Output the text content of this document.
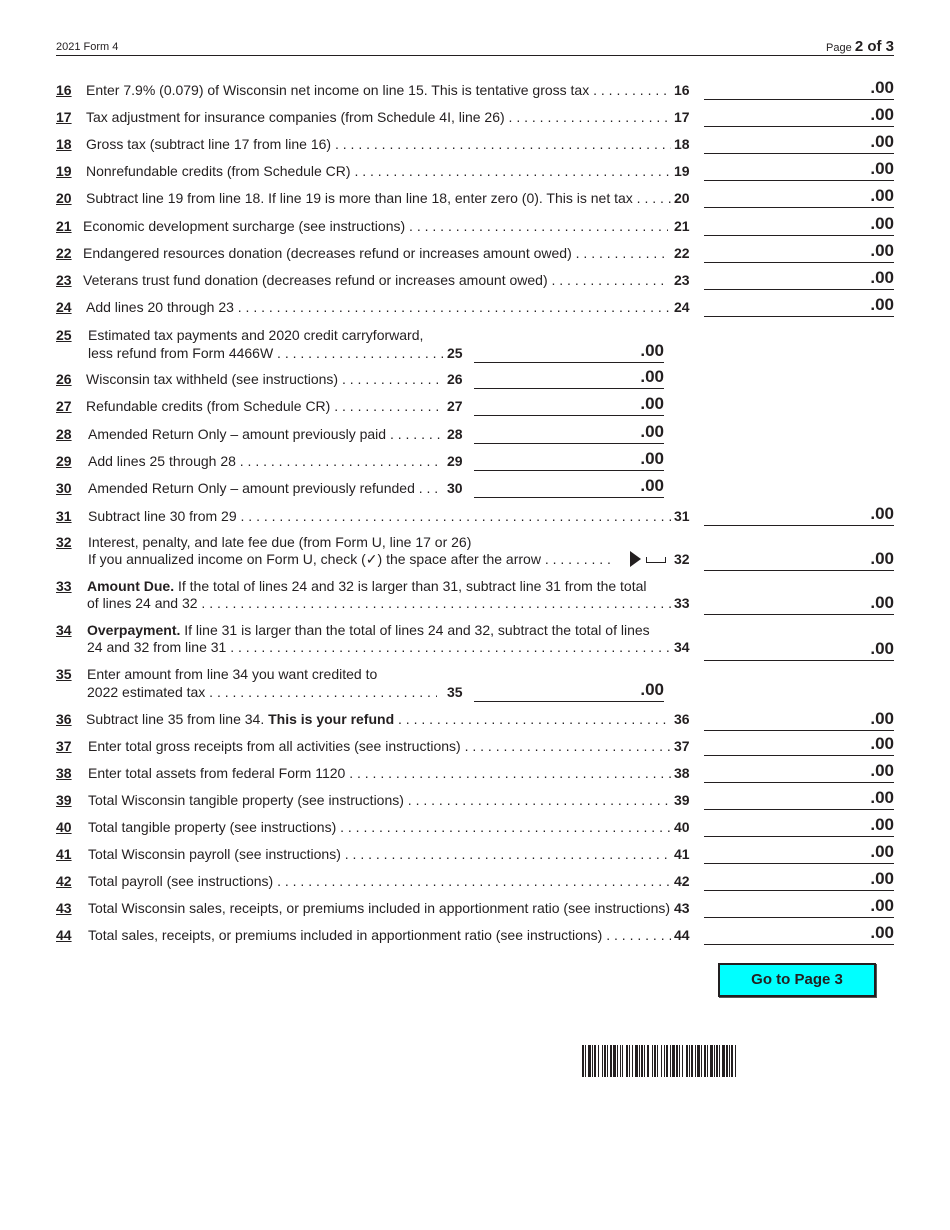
2021 Form 4	Page 2 of 3
16	Enter 7.9% (0.079) of Wisconsin net income on line 15. This is tentative gross tax . . .	16	.00
17	Tax adjustment for insurance companies (from Schedule 4I, line 26) . . .	17	.00
18	Gross tax (subtract line 17 from line 16) . . .	18	.00
19	Nonrefundable credits (from Schedule CR) . . .	19	.00
20	Subtract line 19 from line 18. If line 19 is more than line 18, enter zero (0). This is net tax . . .	20	.00
21 Economic development surcharge (see instructions) . . .	21	.00
22 Endangered resources donation (decreases refund or increases amount owed) . . .	22	.00
23 Veterans trust fund donation (decreases refund or increases amount owed) . . .	23	.00
24	Add lines 20 through 23 . . .	24	.00
25	Estimated tax payments and 2020 credit carryforward,
less refund from Form 4466W . . .	25	.00
26	Wisconsin tax withheld (see instructions) . . .	26	.00
27	Refundable credits (from Schedule CR) . . .	27	.00
28	Amended Return Only – amount previously paid . . .	28	.00
29	Add lines 25 through 28 . . .	29	.00
30	Amended Return Only – amount previously refunded . . .	30	.00
31	Subtract line 30 from 29 . . .	31	.00
32	Interest, penalty, and late fee due (from Form U, line 17 or 26)
If you annualized income on Form U, check (✓) the space after the arrow . . . . . . . . .	32	.00
33	Amount Due. If the total of lines 24 and 32 is larger than 31, subtract line 31 from the total
of lines 24 and 32 . . .	33	.00
34	Overpayment. If line 31 is larger than the total of lines 24 and 32, subtract the total of lines
24 and 32 from line 31 . . .	34	.00
35	Enter amount from line 34 you want credited to
2022 estimated tax . . .	35	.00
36	Subtract line 35 from line 34. This is your refund . . .	36	.00
37	Enter total gross receipts from all activities (see instructions) . . .	37	.00
38	Enter total assets from federal Form 1120 . . .	38	.00
39	Total Wisconsin tangible property (see instructions) . . .	39	.00
40	Total tangible property (see instructions) . . .	40	.00
41	Total Wisconsin payroll (see instructions) . . .	41	.00
42	Total payroll (see instructions) . . .	42	.00
43	Total Wisconsin sales, receipts, or premiums included in apportionment ratio (see instructions) 43	.00
44	Total sales, receipts, or premiums included in apportionment ratio (see instructions) . . .	44	.00
Go to Page 3
